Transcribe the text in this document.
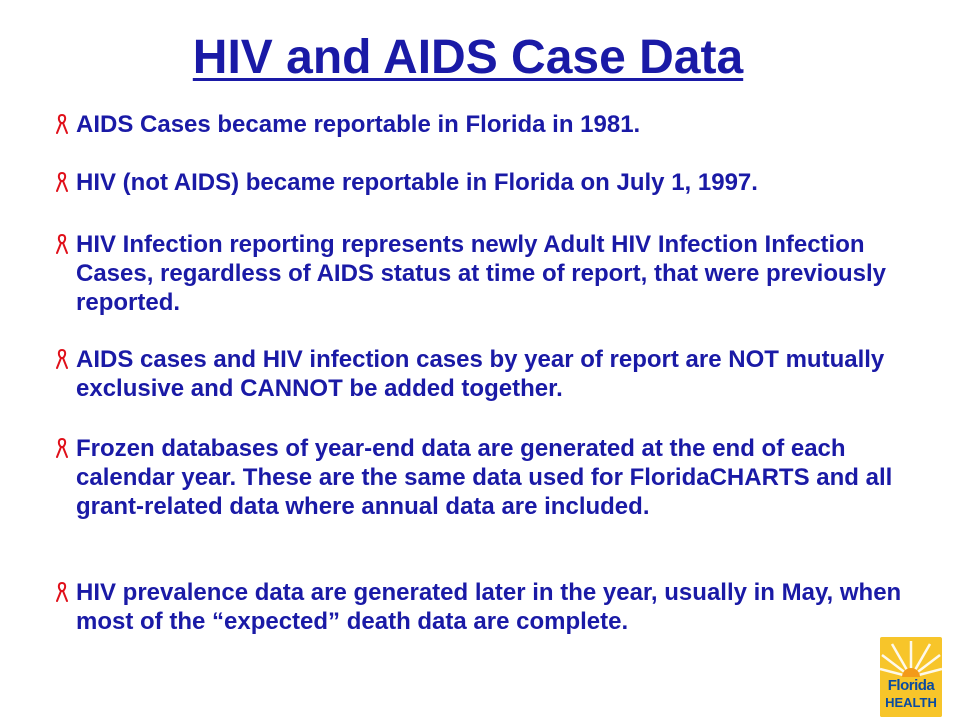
HIV and AIDS Case Data
AIDS Cases became reportable in Florida in 1981.
HIV (not AIDS) became reportable in Florida on July 1, 1997.
HIV Infection reporting represents newly Adult HIV Infection Infection Cases, regardless of AIDS status at time of report, that were previously reported.
AIDS cases and HIV infection cases by year of report are NOT mutually exclusive and CANNOT be added together.
Frozen databases of year-end data are generated at the end of each calendar year. These are the same data used for FloridaCHARTS and all grant-related data where annual data are included.
HIV prevalence data are generated later in the year, usually in May, when most of the “expected” death data are complete.
Florida
HEALTH
